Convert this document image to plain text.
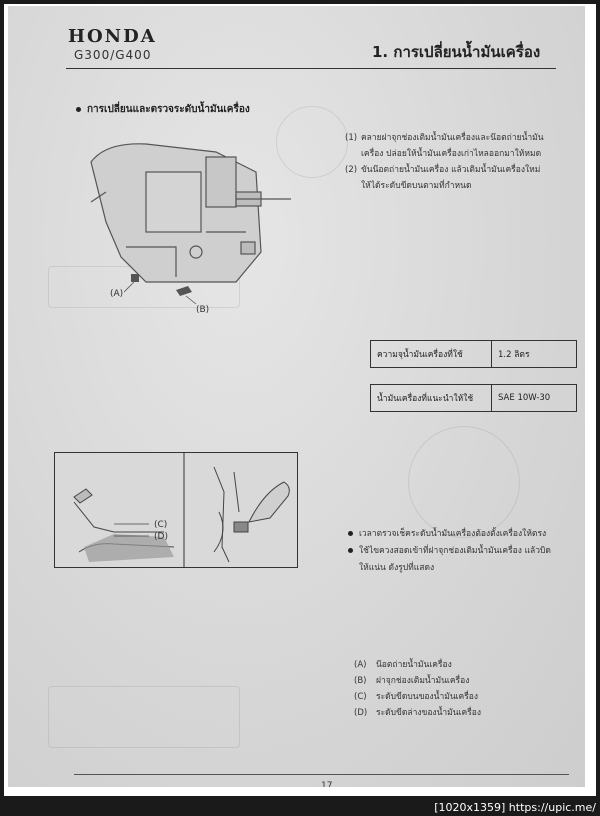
HONDA
G300/G400	1. การเปลี่ยนน้ำมันเครื่อง
การเปลี่ยนและตรวจระดับน้ำมันเครื่อง
(A)
(B)
(1) คลายฝาจุกช่องเติมน้ำมันเครื่องและน๊อตถ่ายน้ำมัน
เครื่อง ปล่อยให้น้ำมันเครื่องเก่าไหลออกมาให้หมด
(2) ขันน๊อตถ่ายน้ำมันเครื่อง แล้วเติมน้ำมันเครื่องใหม่
ให้ได้ระดับขีดบนตามที่กำหนด
ความจุน้ำมันเครื่องที่ใช้	1.2 ลิตร
น้ำมันเครื่องที่แนะนำให้ใช้	SAE 10W-30
(C)
(D)	เวลาตรวจเช็คระดับน้ำมันเครื่องต้องตั้งเครื่องให้ตรง
ใช้ไขควงสอดเข้าที่ฝาจุกช่องเติมน้ำมันเครื่อง แล้วบิด
ให้แน่น ดังรูปที่แสดง
(A) น๊อตถ่ายน้ำมันเครื่อง
(B) ฝาจุกช่องเติมน้ำมันเครื่อง
(C) ระดับขีดบนของน้ำมันเครื่อง
(D) ระดับขีดล่างของน้ำมันเครื่อง
17
[1020x1359] https://upic.me/
